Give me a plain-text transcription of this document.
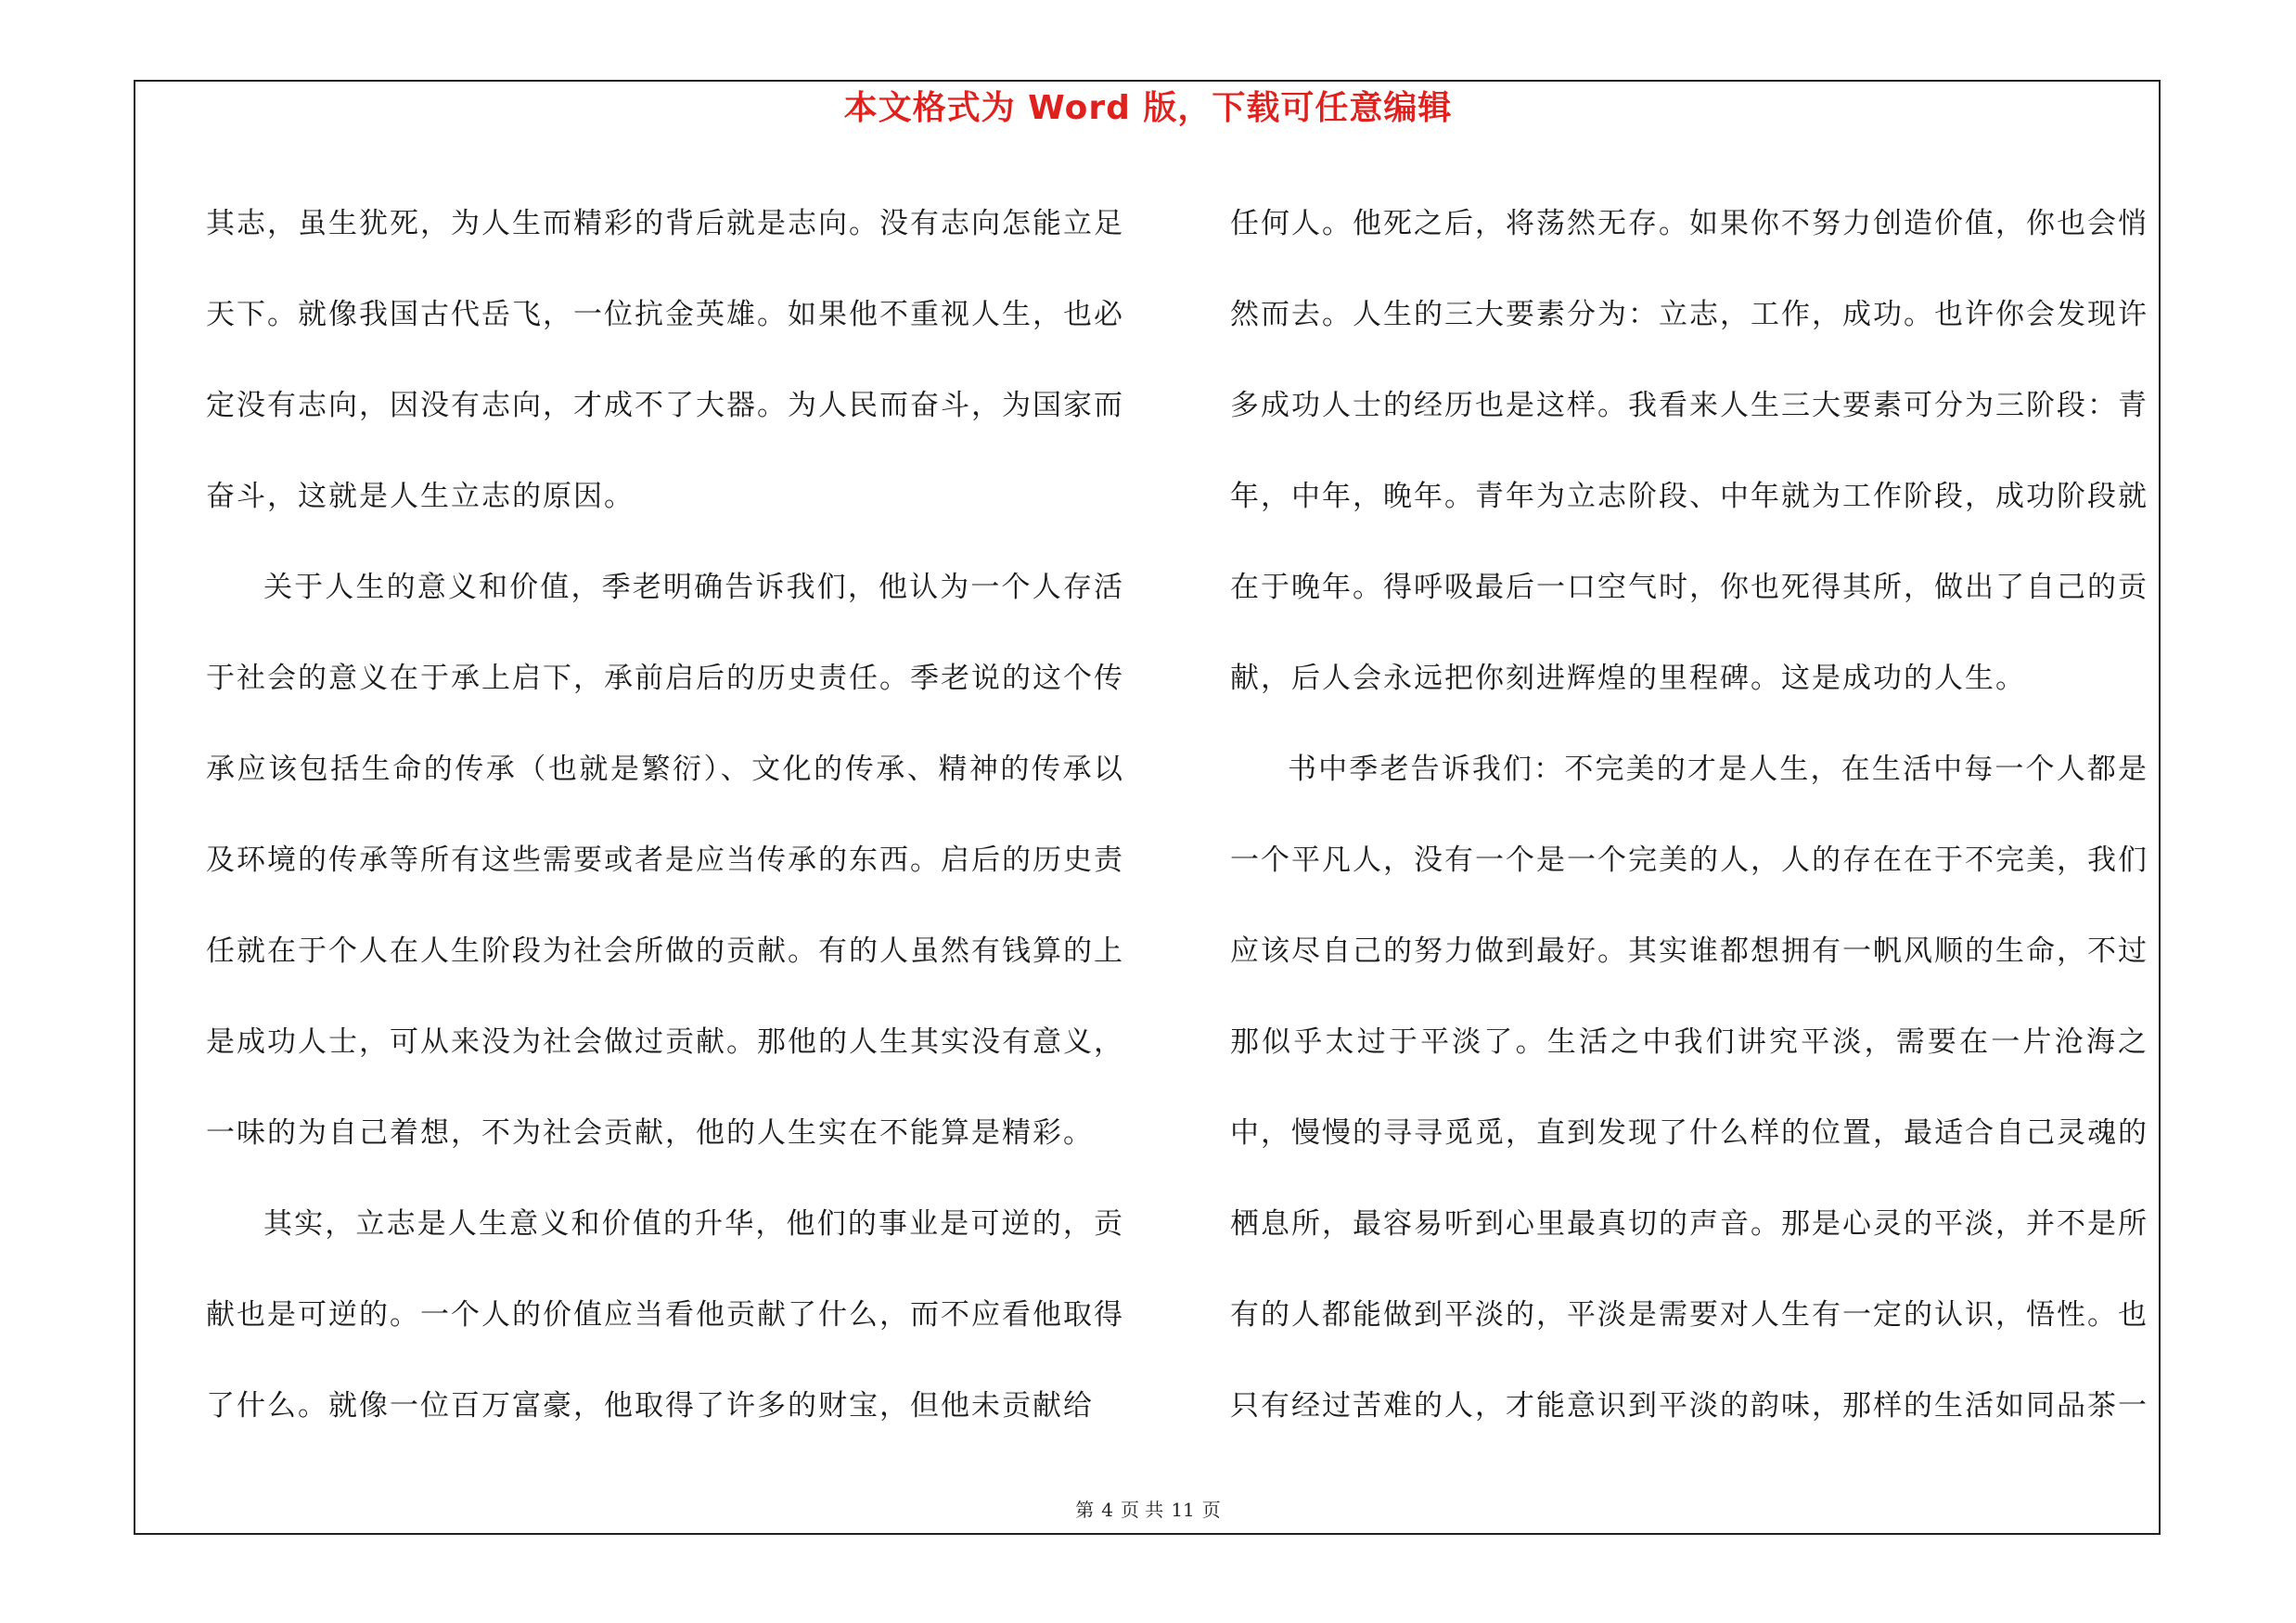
本文格式为 Word 版，下载可任意编辑

其志，虽生犹死，为人生而精彩的背后就是志向。没有志向怎能立足天下。就像我国古代岳飞，一位抗金英雄。如果他不重视人生，也必定没有志向，因没有志向，才成不了大器。为人民而奋斗，为国家而奋斗，这就是人生立志的原因。

关于人生的意义和价值，季老明确告诉我们，他认为一个人存活于社会的意义在于承上启下，承前启后的历史责任。季老说的这个传承应该包括生命的传承（也就是繁衍）、文化的传承、精神的传承以及环境的传承等所有这些需要或者是应当传承的东西。启后的历史责任就在于个人在人生阶段为社会所做的贡献。有的人虽然有钱算的上是成功人士，可从来没为社会做过贡献。那他的人生其实没有意义，一味的为自己着想，不为社会贡献，他的人生实在不能算是精彩。

其实，立志是人生意义和价值的升华，他们的事业是可逆的，贡献也是可逆的。一个人的价值应当看他贡献了什么，而不应看他取得了什么。就像一位百万富豪，他取得了许多的财宝，但他未贡献给

任何人。他死之后，将荡然无存。如果你不努力创造价值，你也会悄然而去。人生的三大要素分为：立志，工作，成功。也许你会发现许多成功人士的经历也是这样。我看来人生三大要素可分为三阶段：青年，中年，晚年。青年为立志阶段、中年就为工作阶段，成功阶段就在于晚年。得呼吸最后一口空气时，你也死得其所，做出了自己的贡献，后人会永远把你刻进辉煌的里程碑。这是成功的人生。

书中季老告诉我们：不完美的才是人生，在生活中每一个人都是一个平凡人，没有一个是一个完美的人，人的存在在于不完美，我们应该尽自己的努力做到最好。其实谁都想拥有一帆风顺的生命，不过那似乎太过于平淡了。生活之中我们讲究平淡，需要在一片沧海之中，慢慢的寻寻觅觅，直到发现了什么样的位置，最适合自己灵魂的栖息所，最容易听到心里最真切的声音。那是心灵的平淡，并不是所有的人都能做到平淡的，平淡是需要对人生有一定的认识，悟性。也只有经过苦难的人，才能意识到平淡的韵味，那样的生活如同品茶一

第 4 页 共 11 页
